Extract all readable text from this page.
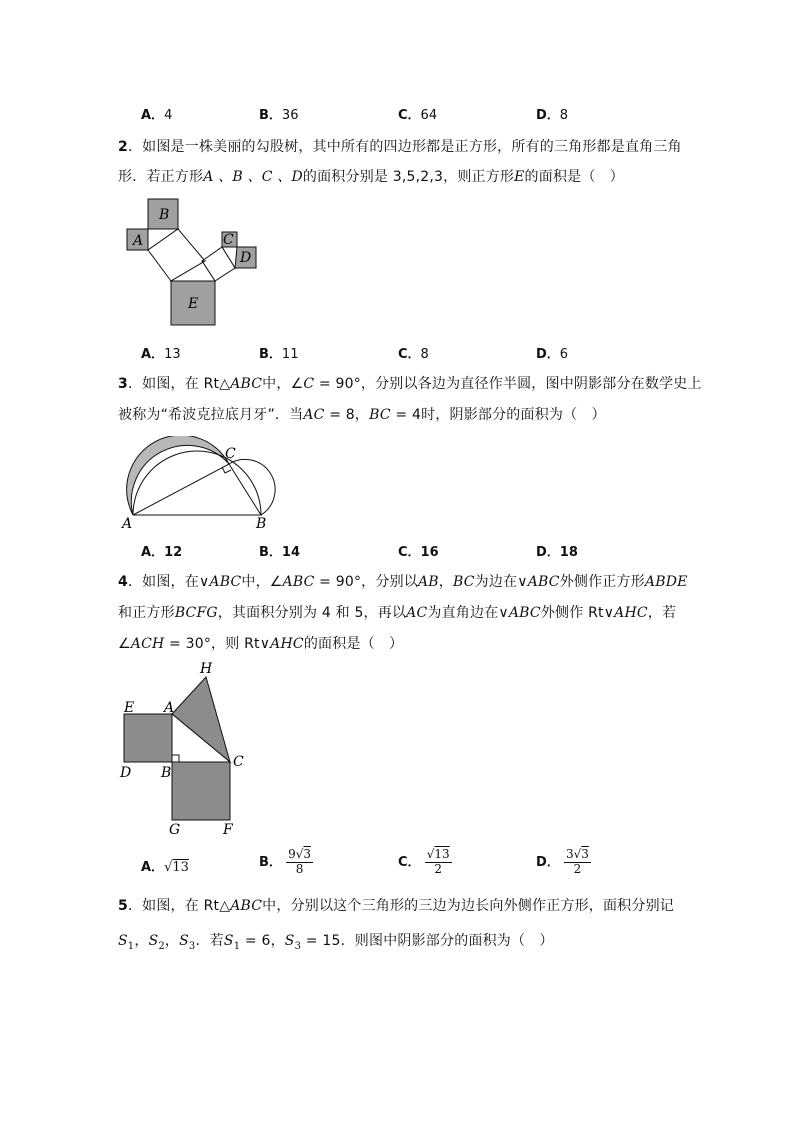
A．4	B．36	C．64	D．8
2．如图是一株美丽的勾股树，其中所有的四边形都是正方形，所有的三角形都是直角三角
形．若正方形A 、B 、C 、D的面积分别是 3,5,2,3，则正方形E的面积是（　）
A
B
C
D
E
A．13	B．11	C．8	D．6
3．如图，在 Rt△ABC中，∠C = 90°，分别以各边为直径作半圆，图中阴影部分在数学史上
被称为“希波克拉底月牙”．当AC = 8，BC = 4时，阴影部分的面积为（　）
A	B
C
A．12	B．14	C．16	D．18
4．如图，在∨ABC中，∠ABC = 90°，分别以AB，BC为边在∨ABC外侧作正方形ABDE
和正方形BCFG，其面积分别为 4 和 5，再以AC为直角边在∨ABC外侧作 Rt∨AHC，若
∠ACH = 30°，则 Rt∨AHC的面积是（　）
H
E A
D B
C
G	F
A．√13	B． $\frac{9√3}{8}$	C． $\frac{√13}{2}$	D． $\frac{3√3}{2}$
5．如图，在 Rt△ABC中，分别以这个三角形的三边为边长向外侧作正方形，面积分别记
$S_1$，$S_2$，$S_3$．若$S_1 = 6$，$S_3 = 15$．则图中阴影部分的面积为（　）
